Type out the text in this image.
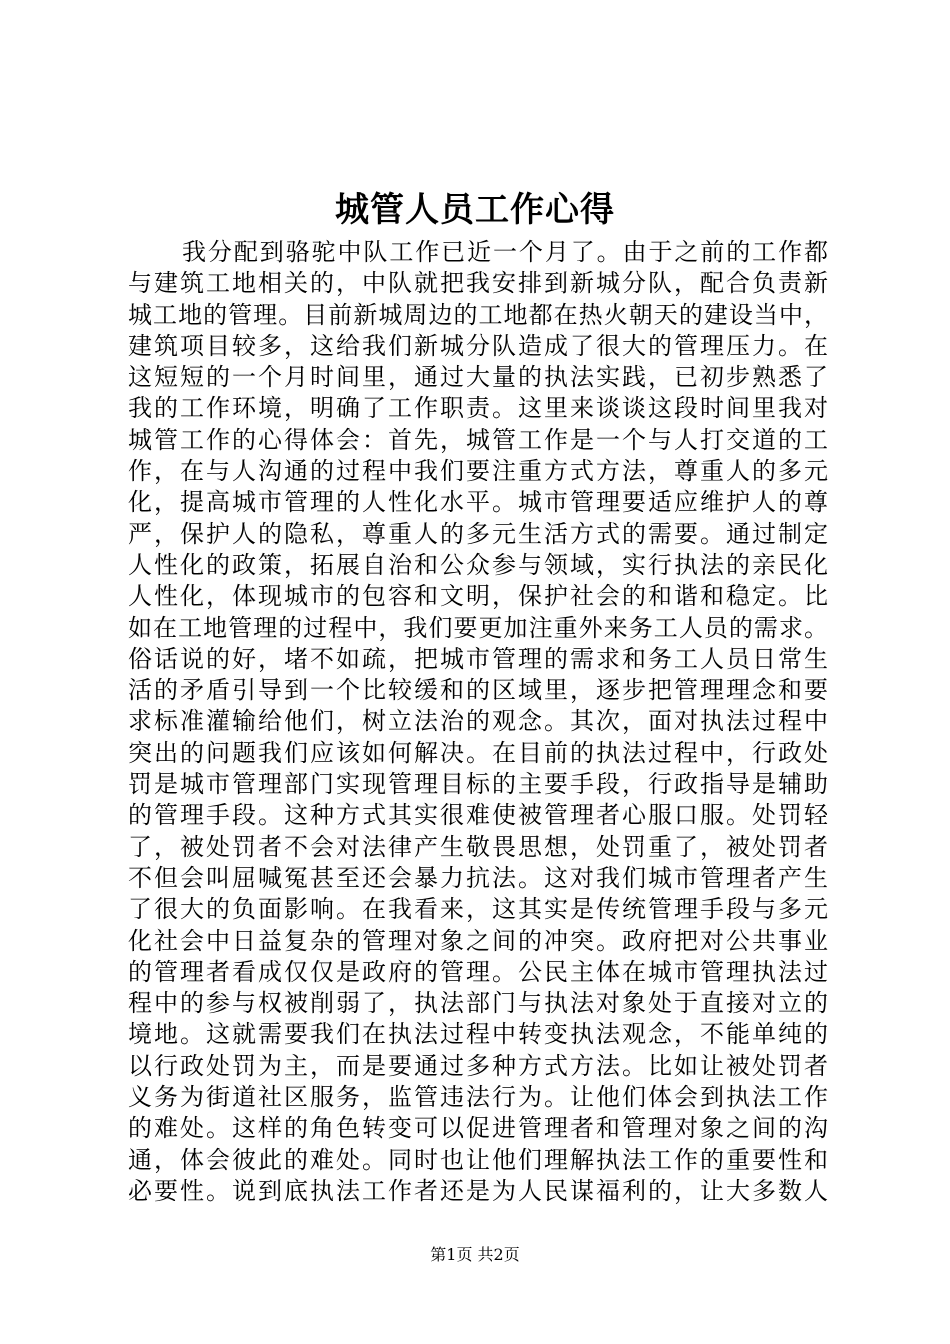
城管人员工作心得
我分配到骆驼中队工作已近一个月了。由于之前的工作都
与建筑工地相关的，中队就把我安排到新城分队，配合负责新
城工地的管理。目前新城周边的工地都在热火朝天的建设当中，
建筑项目较多，这给我们新城分队造成了很大的管理压力。在
这短短的一个月时间里，通过大量的执法实践，已初步熟悉了
我的工作环境，明确了工作职责。这里来谈谈这段时间里我对
城管工作的心得体会：首先，城管工作是一个与人打交道的工
作，在与人沟通的过程中我们要注重方式方法，尊重人的多元
化，提高城市管理的人性化水平。城市管理要适应维护人的尊
严，保护人的隐私，尊重人的多元生活方式的需要。通过制定
人性化的政策，拓展自治和公众参与领域，实行执法的亲民化
人性化，体现城市的包容和文明，保护社会的和谐和稳定。比
如在工地管理的过程中，我们要更加注重外来务工人员的需求。
俗话说的好，堵不如疏，把城市管理的需求和务工人员日常生
活的矛盾引导到一个比较缓和的区域里，逐步把管理理念和要
求标准灌输给他们，树立法治的观念。其次，面对执法过程中
突出的问题我们应该如何解决。在目前的执法过程中，行政处
罚是城市管理部门实现管理目标的主要手段，行政指导是辅助
的管理手段。这种方式其实很难使被管理者心服口服。处罚轻
了，被处罚者不会对法律产生敬畏思想，处罚重了，被处罚者
不但会叫屈喊冤甚至还会暴力抗法。这对我们城市管理者产生
了很大的负面影响。在我看来，这其实是传统管理手段与多元
化社会中日益复杂的管理对象之间的冲突。政府把对公共事业
的管理者看成仅仅是政府的管理。公民主体在城市管理执法过
程中的参与权被削弱了，执法部门与执法对象处于直接对立的
境地。这就需要我们在执法过程中转变执法观念，不能单纯的
以行政处罚为主，而是要通过多种方式方法。比如让被处罚者
义务为街道社区服务，监管违法行为。让他们体会到执法工作
的难处。这样的角色转变可以促进管理者和管理对象之间的沟
通，体会彼此的难处。同时也让他们理解执法工作的重要性和
必要性。说到底执法工作者还是为人民谋福利的，让大多数人
第1页 共2页
